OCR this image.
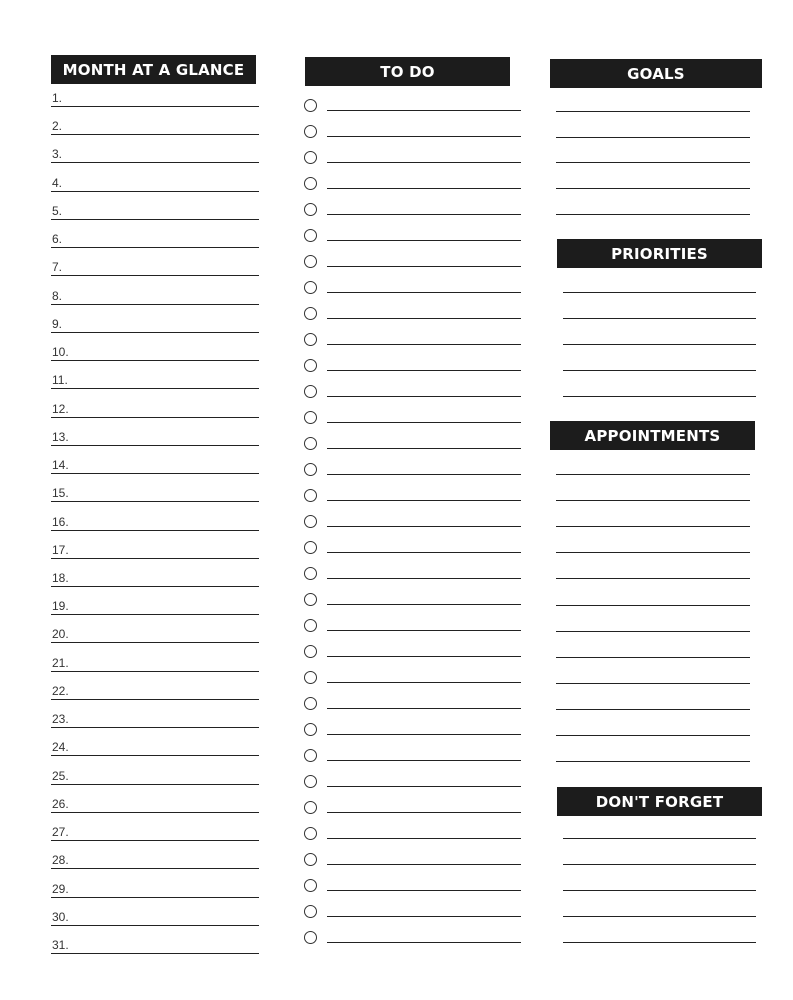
MONTH AT A GLANCE
1.
2.
3.
4.
5.
6.
7.
8.
9.
10.
11.
12.
13.
14.
15.
16.
17.
18.
19.
20.
21.
22.
23.
24.
25.
26.
27.
28.
29.
30.
31.
TO DO	GOALS
PRIORITIES
APPOINTMENTS
DON'T FORGET
